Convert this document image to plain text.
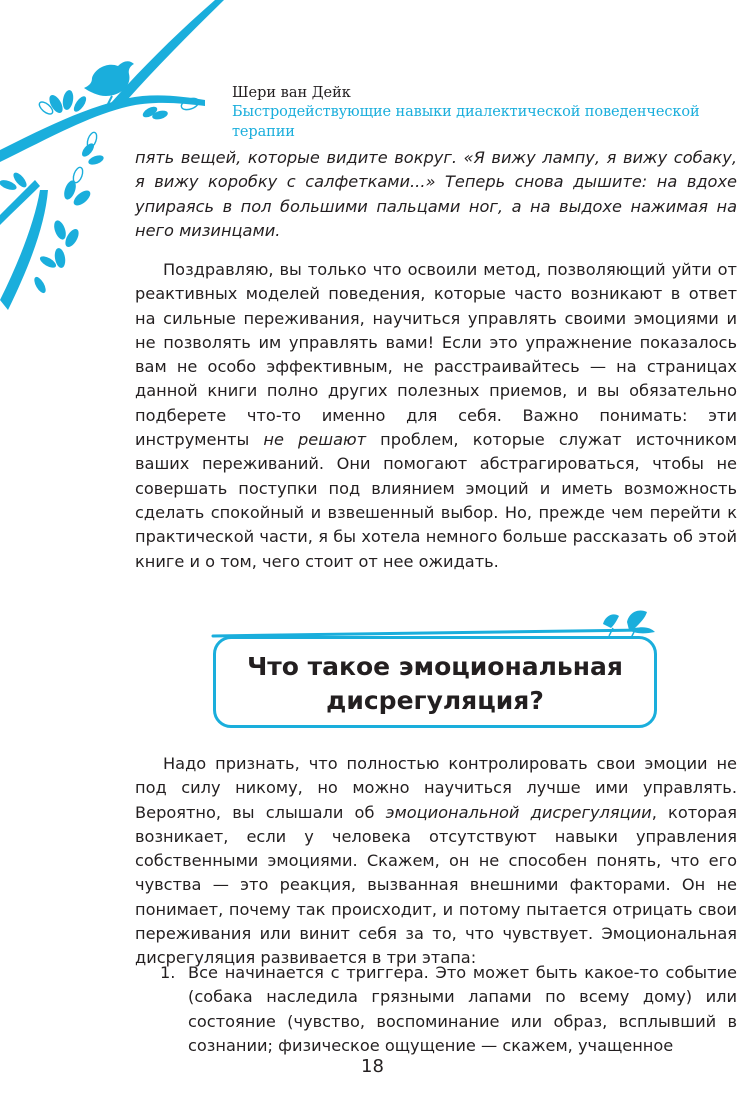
Шери ван Дейк
Быстродействующие навыки диалектической поведенческой терапии

пять вещей, которые видите вокруг. «Я вижу лампу, я вижу собаку, я вижу коробку с салфетками...» Теперь снова дышите: на вдохе упираясь в пол большими пальцами ног, а на выдохе нажимая на него мизинцами.

Поздравляю, вы только что освоили метод, позволяющий уйти от реактивных моделей поведения, которые часто возникают в ответ на сильные переживания, научиться управлять своими эмоциями и не позволять им управлять вами! Если это упражнение показалось вам не особо эффективным, не расстраивайтесь — на страницах данной книги полно других полезных приемов, и вы обязательно подберете что-то именно для себя. Важно понимать: эти инструменты не решают проблем, которые служат источником ваших переживаний. Они помогают абстрагироваться, чтобы не совершать поступки под влиянием эмоций и иметь возможность сделать спокойный и взвешенный выбор. Но, прежде чем перейти к практической части, я бы хотела немного больше рассказать об этой книге и о том, чего стоит от нее ожидать.

Что такое эмоциональная дисрегуляция?

Надо признать, что полностью контролировать свои эмоции не под силу никому, но можно научиться лучше ими управлять. Вероятно, вы слышали об эмоциональной дисрегуляции, которая возникает, если у человека отсутствуют навыки управления собственными эмоциями. Скажем, он не способен понять, что его чувства — это реакция, вызванная внешними факторами. Он не понимает, почему так происходит, и потому пытается отрицать свои переживания или винит себя за то, что чувствует. Эмоциональная дисрегуляция развивается в три этапа:

1. Все начинается с триггера. Это может быть какое-то событие (собака наследила грязными лапами по всему дому) или состояние (чувство, воспоминание или образ, всплывший в сознании; физическое ощущение — скажем, учащенное
18
